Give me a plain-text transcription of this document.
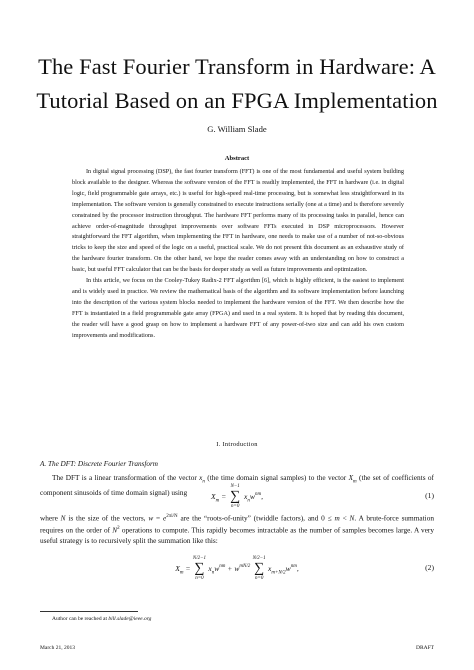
The Fast Fourier Transform in Hardware: A
Tutorial Based on an FPGA Implementation
G. William Slade
Abstract

In digital signal processing (DSP), the fast fourier transform (FFT) is one of the most fundamental and useful system building block available to the designer. Whereas the software version of the FFT is readily implemented, the FFT in hardware (i.e. in digital logic, field programmable gate arrays, etc.) is useful for high-speed real-time processing, but is somewhat less straightforward in its implementation. The software version is generally constrained to execute instructions serially (one at a time) and is therefore severely constrained by the processor instruction throughput. The hardware FFT performs many of its processing tasks in parallel, hence can achieve order-of-magnitude throughput improvements over software FFTs executed in DSP microprocessors. However straightforward the FFT algorithm, when implementing the FFT in hardware, one needs to make use of a number of not-so-obvious tricks to keep the size and speed of the logic on a useful, practical scale. We do not present this document as an exhaustive study of the hardware fourier transform. On the other hand, we hope the reader comes away with an understanding on how to construct a basic, but useful FFT calculator that can be the basis for deeper study as well as future improvements and optimization.

In this article, we focus on the Cooley-Tukey Radix-2 FFT algorithm [6], which is highly efficient, is the easiest to implement and is widely used in practice. We review the mathematical basis of the algorithm and its software implementation before launching into the description of the various system blocks needed to implement the hardware version of the FFT. We then describe how the FFT is instantiated in a field programmable gate array (FPGA) and used in a real system. It is hoped that by reading this document, the reader will have a good grasp on how to implement a hardware FFT of any power-of-two size and can add his own custom improvements and modifications.

I. Introduction
A. The DFT: Discrete Fourier Transform

The DFT is a linear transformation of the vector $x_n$ (the time domain signal samples) to the vector $X_m$ (the set of coefficients of component sinusoids of time domain signal) using	$X_m$ =
N−1
∑
n=0
$x_nw^{nm}$,	(1)

where N is the size of the vectors, $w = e^{2\pi i/N}$ are the “roots-of-unity” (twiddle factors), and 0 ≤ m < N. A brute-force summation requires on the order of $N^2$ operations to compute. This rapidly becomes intractable as the number of samples becomes large. A very useful strategy is to recursively split the summation like this:

$X_m$ =
N/2−1
∑
n=0
$x_nw^{nm} + w^{mN/2}$
N/2−1
∑
n=0
$x_{m+N/2}w^{nm}$,	(2)
Author can be reached at bill.slade@ieee.org
March 21, 2013	DRAFT
